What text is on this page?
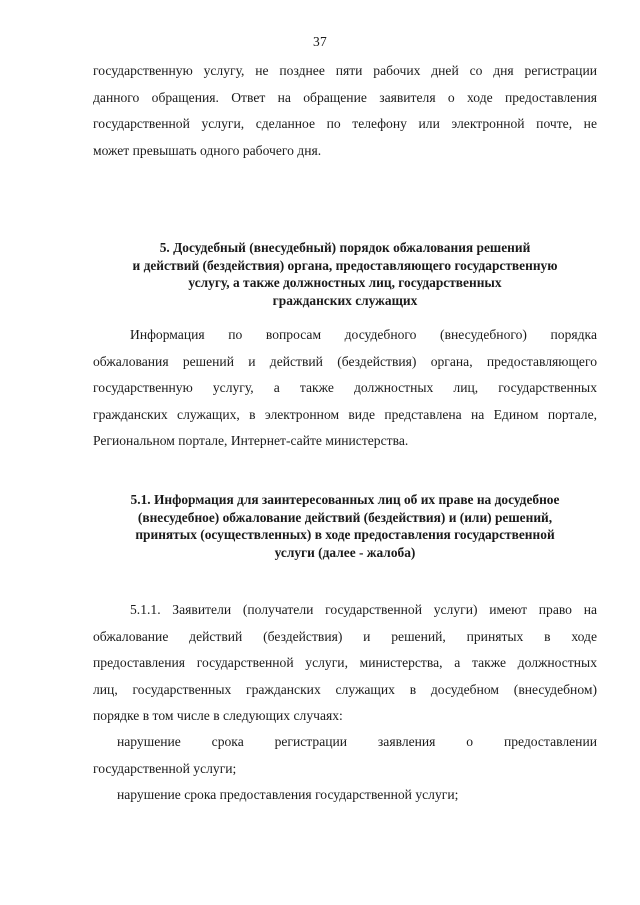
37
государственную услугу, не позднее пяти рабочих дней со дня регистрации
данного обращения. Ответ на обращение заявителя о ходе предоставления
государственной услуги, сделанное по телефону или электронной почте, не
может превышать одного рабочего дня.
5. Досудебный (внесудебный) порядок обжалования решений
и действий (бездействия) органа, предоставляющего государственную
услугу, а также должностных лиц, государственных
гражданских служащих
Информация по вопросам досудебного (внесудебного) порядка
обжалования решений и действий (бездействия) органа, предоставляющего
государственную услугу, а также должностных лиц, государственных
гражданских служащих, в электронном виде представлена на Едином портале,
Региональном портале, Интернет-сайте министерства.
5.1. Информация для заинтересованных лиц об их праве на досудебное
(внесудебное) обжалование действий (бездействия) и (или) решений,
принятых (осуществленных) в ходе предоставления государственной
услуги (далее - жалоба)
5.1.1. Заявители (получатели государственной услуги) имеют право на
обжалование действий (бездействия) и решений, принятых в ходе
предоставления государственной услуги, министерства, а также должностных
лиц, государственных гражданских служащих в досудебном (внесудебном)
порядке в том числе в следующих случаях:
нарушение срока регистрации заявления о предоставлении
государственной услуги;
нарушение срока предоставления государственной услуги;
